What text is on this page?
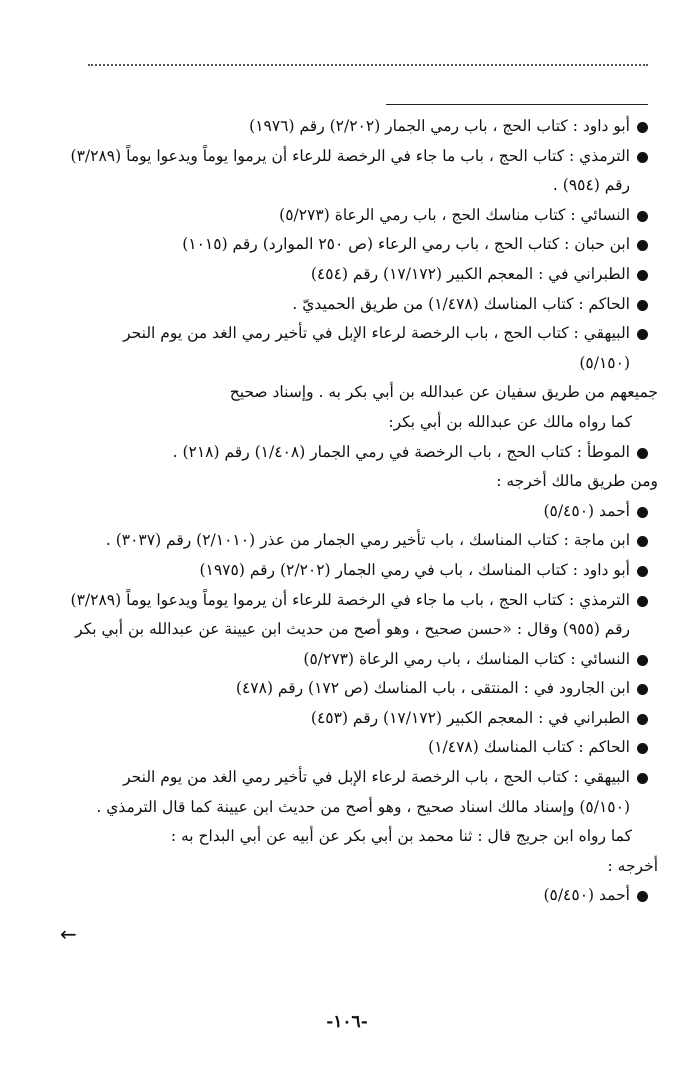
أبو داود : كتاب الحج ، باب رمي الجمار (٢/٢٠٢) رقم (١٩٧٦)
الترمذي : كتاب الحج ، باب ما جاء في الرخصة للرعاء أن يرموا يوماً ويدعوا يوماً (٣/٢٨٩)
رقم (٩٥٤) .
النسائي : كتاب مناسك الحج ، باب رمي الرعاة (٥/٢٧٣)
ابن حبان : كتاب الحج ، باب رمي الرعاء (ص ٢٥٠ الموارد) رقم (١٠١٥)
الطبراني في : المعجم الكبير (١٧/١٧٢) رقم (٤٥٤)
الحاكم : كتاب المناسك (١/٤٧٨) من طريق الحميديّ .
البيهقي : كتاب الحج ، باب الرخصة لرعاء الإبل في تأخير رمي الغد من يوم النحر
(٥/١٥٠)
جميعهم من طريق سفيان عن عبدالله بن أبي بكر به . وإسناد صحيح
كما رواه مالك عن عبدالله بن أبي بكر:
الموطأ : كتاب الحج ، باب الرخصة في رمي الجمار (١/٤٠٨) رقم (٢١٨) .
ومن طريق مالك أخرجه :
أحمد (٥/٤٥٠)
ابن ماجة : كتاب المناسك ، باب تأخير رمي الجمار من عذر (٢/١٠١٠) رقم (٣٠٣٧) .
أبو داود : كتاب المناسك ، باب في رمي الجمار (٢/٢٠٢) رقم (١٩٧٥)
الترمذي : كتاب الحج ، باب ما جاء في الرخصة للرعاء أن يرموا يوماً ويدعوا يوماً (٣/٢٨٩)
رقم (٩٥٥) وقال : «حسن صحيح ، وهو أصح من حديث ابن عيينة عن عبدالله بن أبي بكر
النسائي : كتاب المناسك ، باب رمي الرعاة (٥/٢٧٣)
ابن الجارود في : المنتقى ، باب المناسك (ص ١٧٢) رقم (٤٧٨)
الطبراني في : المعجم الكبير (١٧/١٧٢) رقم (٤٥٣)
الحاكم : كتاب المناسك (١/٤٧٨)
البيهقي : كتاب الحج ، باب الرخصة لرعاء الإبل في تأخير رمي الغد من يوم النحر
(٥/١٥٠) وإسناد مالك اسناد صحيح ، وهو أصح من حديث ابن عيينة كما قال الترمذي .
كما رواه ابن جريج قال : ثنا محمد بن أبي بكر عن أبيه عن أبي البداح به :
أخرجه :
أحمد (٥/٤٥٠)
←
-١٠٦-
